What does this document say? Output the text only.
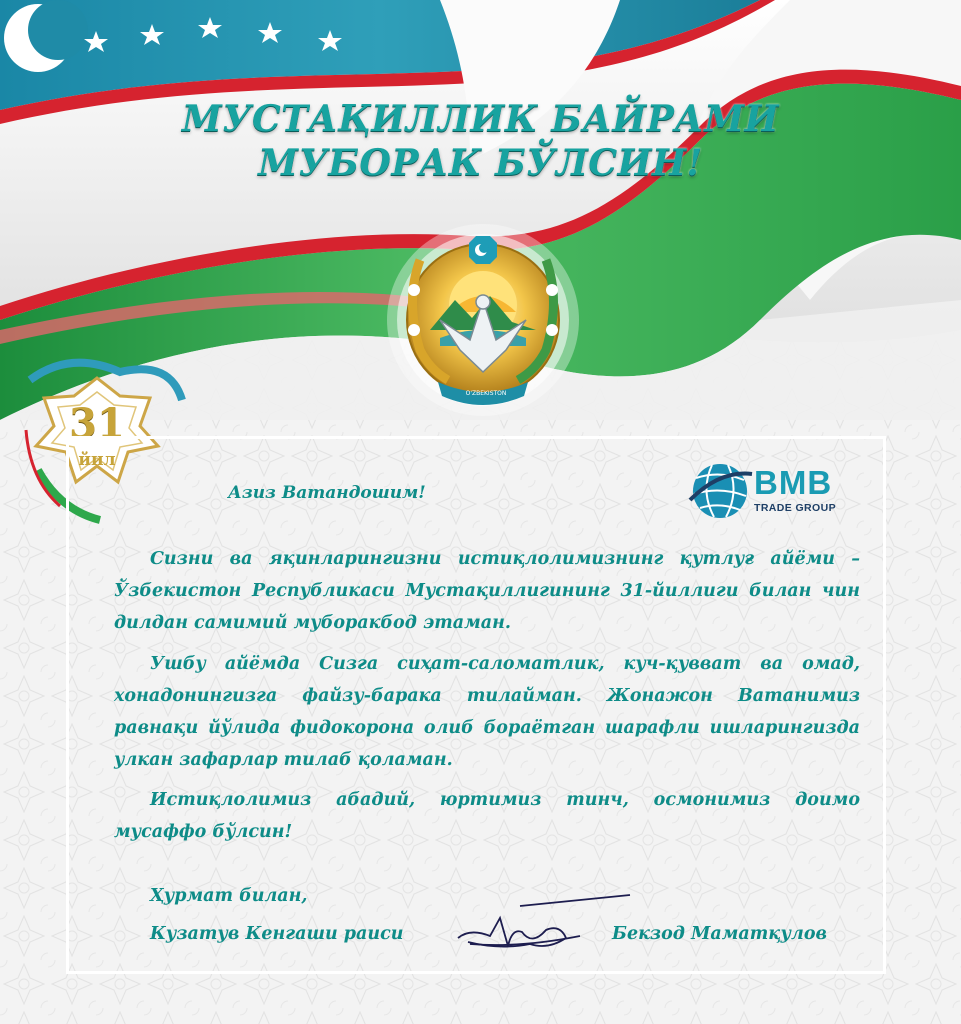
МУСТАҚИЛЛИК БАЙРАМИ
МУБОРАК БЎЛСИН!
O'ZBEKISTON
31
йил
BMB
TRADE GROUP
Азиз Ватандошим!

Сизни ва яқинларингизни истиқлолимизнинг қутлуғ айёми – Ўзбекистон Республикаси Мустақиллигининг 31-йиллиги билан чин дилдан самимий муборакбод этаман.

Ушбу айёмда Сизга сиҳат-саломатлик, куч-қувват ва омад, хонадонингизга файзу-барака тилайман. Жонажон Ватанимиз равнақи йўлида фидокорона олиб бораётган шарафли ишларингизда улкан зафарлар тилаб қоламан.

Истиқлолимиз абадий, юртимиз тинч, осмонимиз доимо мусаффо бўлсин!

Ҳурмат билан,
Кузатув Кенгаши раиси	Бекзод Маматқулов
